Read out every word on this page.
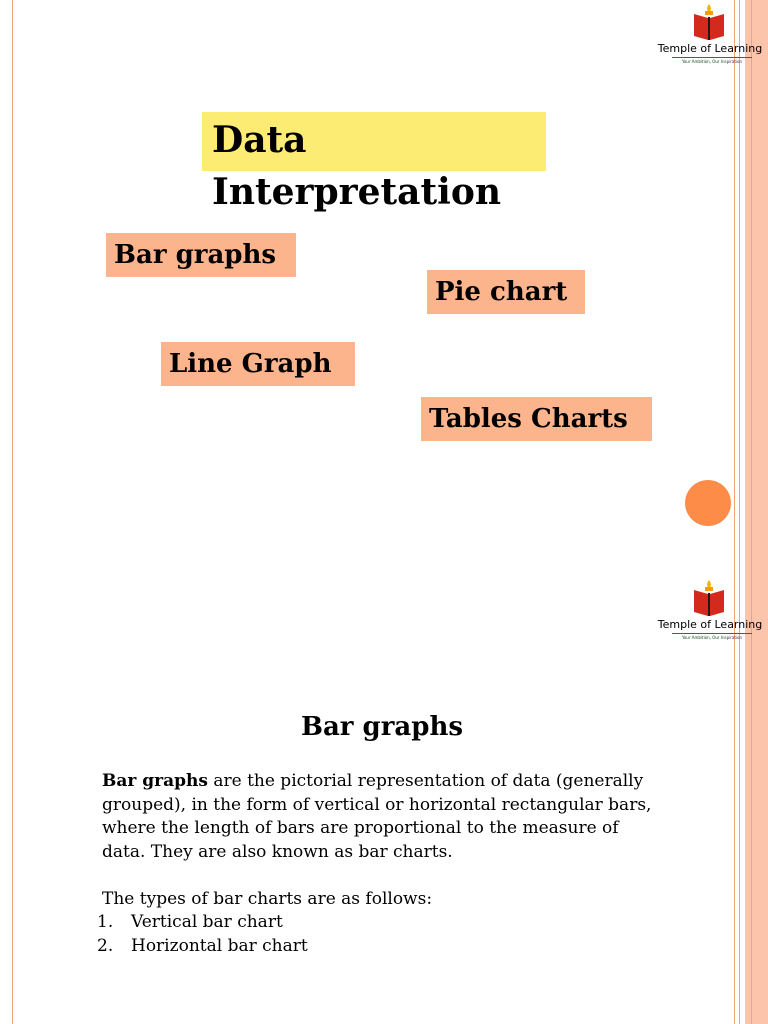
Temple of Learning
Your Ambition, Our Inspiration
Data
Interpretation
Bar graphs
Pie chart
Line Graph
Tables Charts
Temple of Learning
Your Ambition, Our Inspiration
Bar graphs

Bar graphs are the pictorial representation of data (generally grouped), in the form of vertical or horizontal rectangular bars, where the length of bars are proportional to the measure of data. They are also known as bar charts.

The types of bar charts are as follows:

1. Vertical bar chart
2. Horizontal bar chart
